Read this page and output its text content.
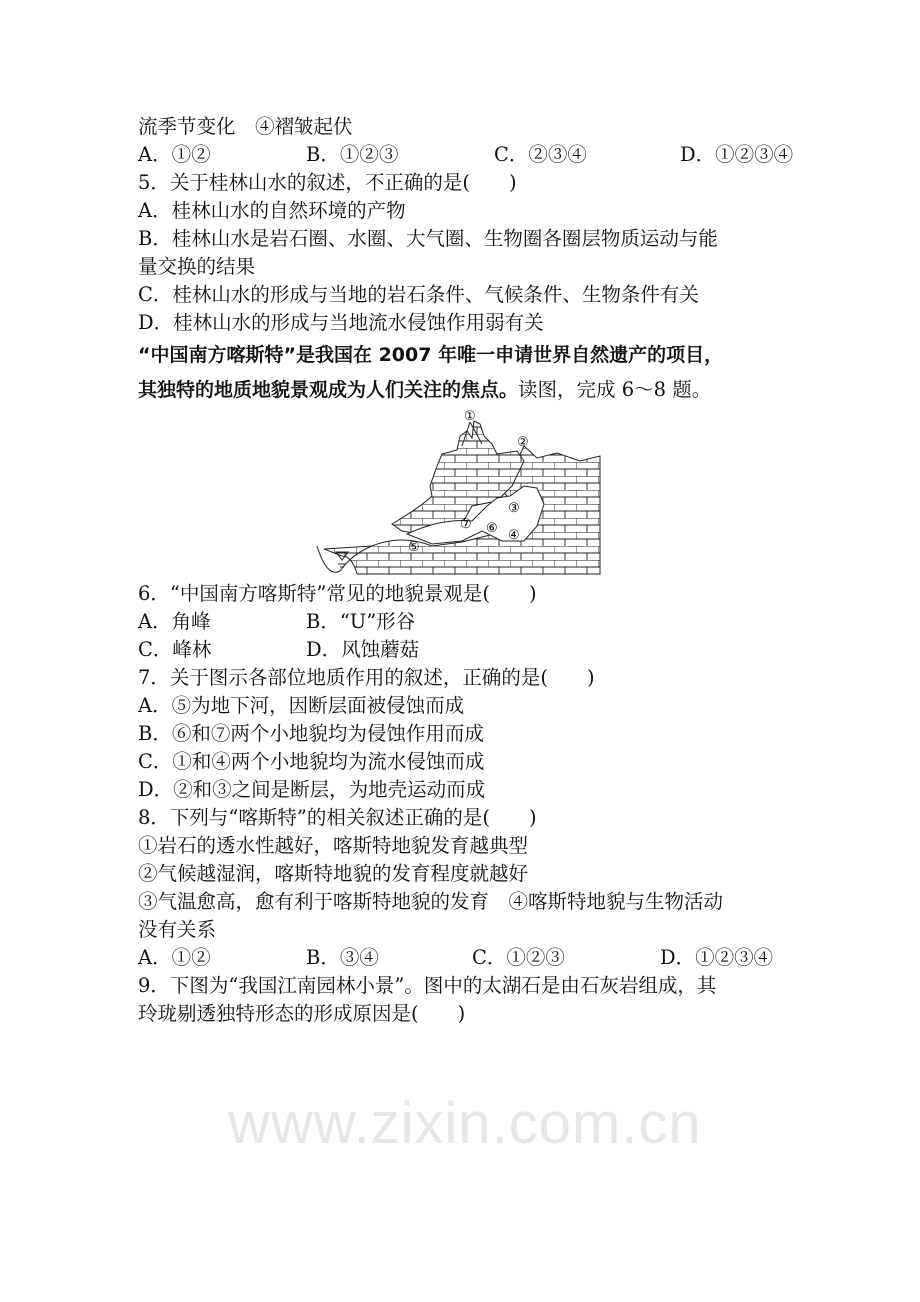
www.zixin.com.cn
流季节变化　④褶皱起伏
A．①②	B．①②③	C．②③④	D．①②③④
5．关于桂林山水的叙述，不正确的是(　　)
A．桂林山水的自然环境的产物
B．桂林山水是岩石圈、水圈、大气圈、生物圈各圈层物质运动与能
量交换的结果
C．桂林山水的形成与当地的岩石条件、气候条件、生物条件有关
D．桂林山水的形成与当地流水侵蚀作用弱有关
“中国南方喀斯特”是我国在 2007 年唯一申请世界自然遗产的项目，
其独特的地质地貌景观成为人们关注的焦点。读图，完成 6～8 题。
①
②
③
④
⑤
⑥
⑦
6．“中国南方喀斯特”常见的地貌景观是(　　)
A．角峰	B．“U”形谷
C．峰林	D．风蚀蘑菇
7．关于图示各部位地质作用的叙述，正确的是(　　)
A．⑤为地下河，因断层面被侵蚀而成
B．⑥和⑦两个小地貌均为侵蚀作用而成
C．①和④两个小地貌均为流水侵蚀而成
D．②和③之间是断层，为地壳运动而成
8．下列与“喀斯特”的相关叙述正确的是(　　)
①岩石的透水性越好，喀斯特地貌发育越典型
②气候越湿润，喀斯特地貌的发育程度就越好
③气温愈高，愈有利于喀斯特地貌的发育　④喀斯特地貌与生物活动
没有关系
A．①②	B．③④	C．①②③	D．①②③④
9．下图为“我国江南园林小景”。图中的太湖石是由石灰岩组成，其
玲珑剔透独特形态的形成原因是(　　)
